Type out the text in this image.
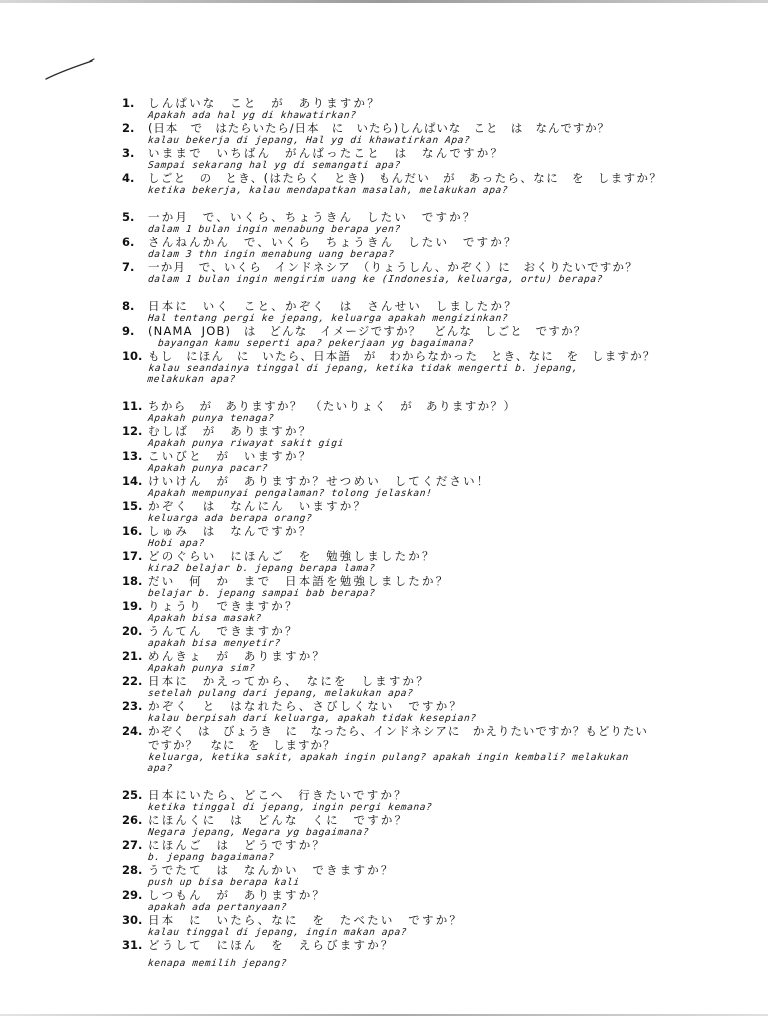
1.	しんぱいな　こと　が　ありますか？
Apakah ada hal yg di khawatirkan?
2.	(日本　で　はたらいたら/日本　に　いたら)しんぱいな　こと　は　なんですか？
kalau bekerja di jepang, Hal yg di khawatirkan Apa?
3.	いままで　いちばん　がんばったこと　は　なんですか？
Sampai sekarang hal yg di semangati apa?
4.	しごと　の　とき、(はたらく　とき)　もんだい　が　あったら、なに　を　しますか？
ketika bekerja, kalau mendapatkan masalah, melakukan apa?
5.	一か月　で、いくら、ちょうきん　したい　ですか？
dalam 1 bulan ingin menabung berapa yen?
6.	さんねんかん　で、いくら　ちょうきん　したい　ですか？
dalam 3 thn ingin menabung uang berapa?
7.	一か月　で、いくら　インドネシア　（りょうしん、かぞく）に　おくりたいですか？
dalam 1 bulan ingin mengirim uang ke (Indonesia, keluarga, ortu) berapa?
8.	日本に　いく　こと、かぞく　は　さんせい　しましたか？
Hal tentang pergi ke jepang, keluarga apakah mengizinkan?
9.	(NAMA JOB)　は　どんな　イメージですか？　どんな　しごと　ですか？
bayangan kamu seperti apa? pekerjaan yg bagaimana?
10. もし　にほん　に　いたら、日本語　が　わからなかった　とき、なに　を　しますか？
kalau seandainya tinggal di jepang, ketika tidak mengerti b. jepang, melakukan apa?
11. ちから　が　ありますか？　（たいりょく　が　ありますか？）
Apakah punya tenaga?
12. むしば　が　ありますか？
Apakah punya riwayat sakit gigi
13. こいびと　が　いますか？
Apakah punya pacar?
14. けいけん　が　ありますか？せつめい　してください！
Apakah mempunyai pengalaman? tolong jelaskan!
15. かぞく　は　なんにん　いますか？
keluarga ada berapa orang?
16. しゅみ　は　なんですか？
Hobi apa?
17. どのぐらい　にほんご　を　勉強しましたか？
kira2 belajar b. jepang berapa lama?
18. だい　何　か　まで　日本語を勉強しましたか？
belajar b. jepang sampai bab berapa?
19. りょうり　できますか？
Apakah bisa masak?
20. うんてん　できますか？
apakah bisa menyetir?
21. めんきょ　が　ありますか？
Apakah punya sim?
22. 日本に　かえってから、　なにを　しますか？
setelah pulang dari jepang, melakukan apa?
23. かぞく　と　はなれたら、さびしくない　ですか？
kalau berpisah dari keluarga, apakah tidak kesepian?
24. かぞく　は　びょうき　に　なったら、インドネシアに　かえりたいですか？もどりたい　ですか？　なに　を　しますか？
keluarga, ketika sakit, apakah ingin pulang? apakah ingin kembali? melakukan apa?
25. 日本にいたら、どこへ　行きたいですか？
ketika tinggal di jepang, ingin pergi kemana?
26. にほんくに　は　どんな　くに　ですか？
Negara jepang, Negara yg bagaimana?
27. にほんご　は　どうですか？
b. jepang bagaimana?
28. うでたて　は　なんかい　できますか？
push up bisa berapa kali
29. しつもん　が　ありますか？
apakah ada pertanyaan?
30. 日本　に　いたら、なに　を　たべたい　ですか？
kalau tinggal di jepang, ingin makan apa?
31. どうして　にほん　を　えらびますか？
kenapa memilih jepang?
